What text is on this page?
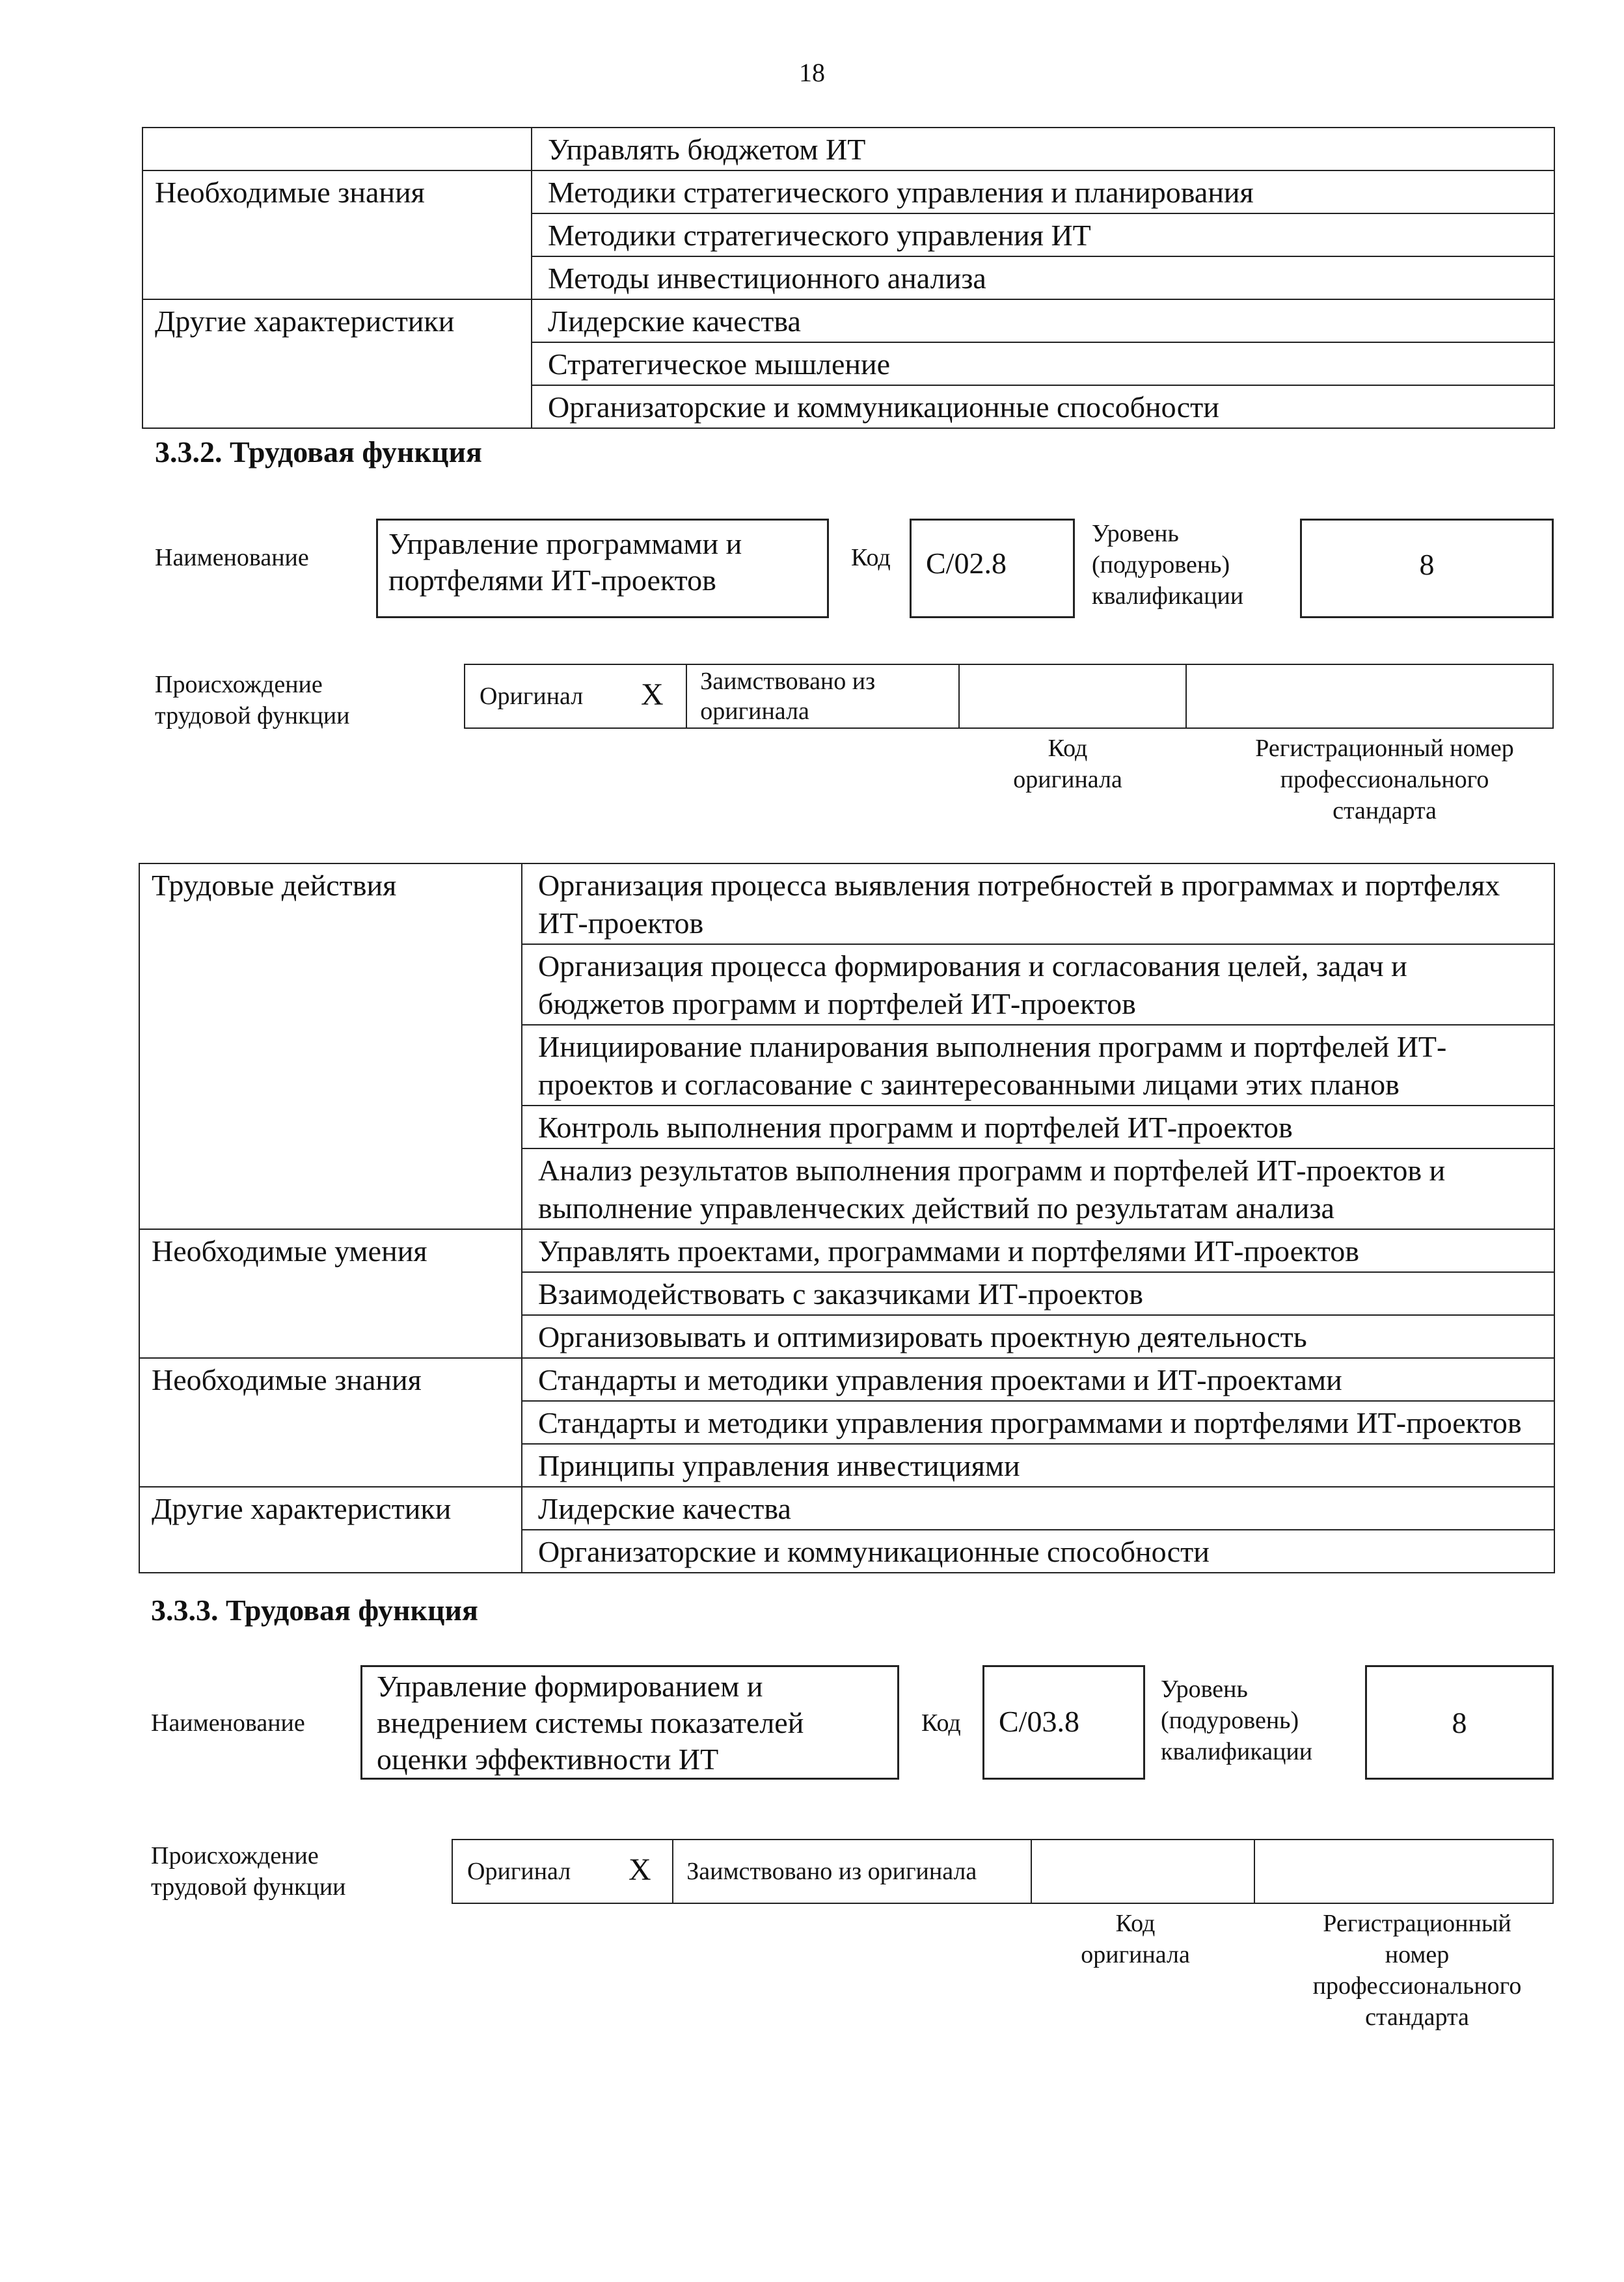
18
	Управлять бюджетом ИТ
Необходимые знания	Методики стратегического управления и планирования
	Методики стратегического управления ИТ
	Методы инвестиционного анализа
Другие характеристики	Лидерские качества
	Стратегическое мышление
	Организаторские и коммуникационные способности
3.3.2. Трудовая функция
Наименование	Управление программами и портфелями ИТ-проектов
Код C/02.8
Уровень (подуровень) квалификации
8
Происхождение трудовой функции
Оригинал X Заимствовано из оригинала
Код оригинала
Регистрационный номер профессионального стандарта
Трудовые действия	Организация процесса выявления потребностей в программах и портфелях ИТ-проектов
	Организация процесса формирования и согласования целей, задач и бюджетов программ и портфелей ИТ-проектов
	Инициирование планирования выполнения программ и портфелей ИТ-проектов и согласование с заинтересованными лицами этих планов
	Контроль выполнения программ и портфелей ИТ-проектов
	Анализ результатов выполнения программ и портфелей ИТ-проектов и выполнение управленческих действий по результатам анализа
Необходимые умения	Управлять проектами, программами и портфелями ИТ-проектов
	Взаимодействовать с заказчиками ИТ-проектов
	Организовывать и оптимизировать проектную деятельность
Необходимые знания	Стандарты и методики управления проектами и ИТ-проектами
	Стандарты и методики управления программами и портфелями ИТ-проектов
	Принципы управления инвестициями
Другие характеристики	Лидерские качества
	Организаторские и коммуникационные способности
3.3.3. Трудовая функция
Наименование
Управление формированием и внедрением системы показателей оценки эффективности ИТ
Код C/03.8
Уровень (подуровень) квалификации
8
Происхождение трудовой функции
Оригинал X Заимствовано из оригинала
Код оригинала
Регистрационный номер профессионального стандарта
